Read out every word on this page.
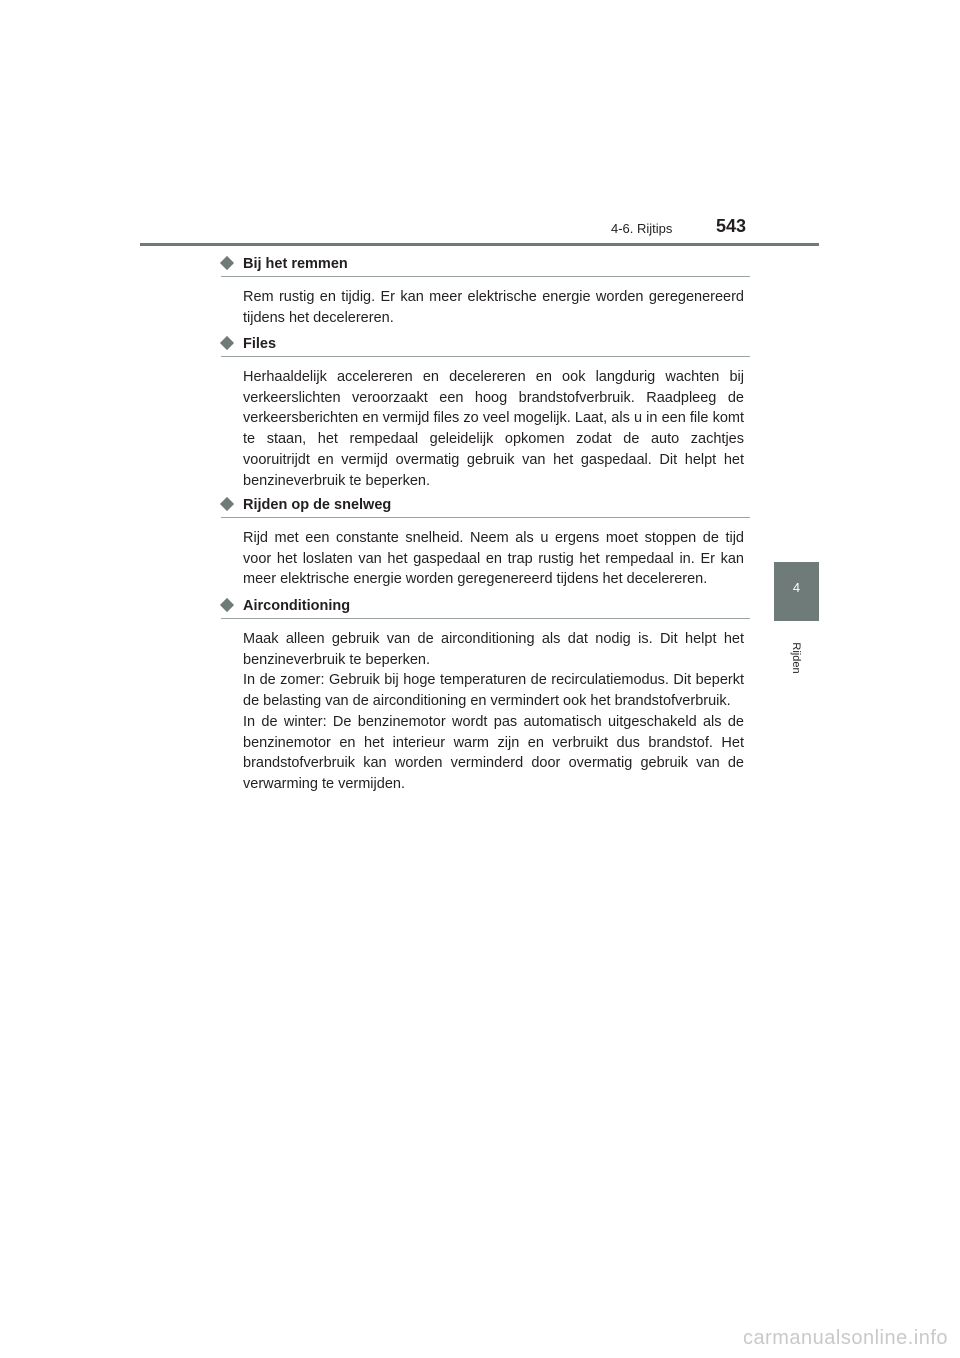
4-6. Rijtips 543
4
Rijden
Bij het remmen

Rem rustig en tijdig. Er kan meer elektrische energie worden geregenereerd tijdens het decelereren.

Files

Herhaaldelijk accelereren en decelereren en ook langdurig wachten bij verkeerslichten veroorzaakt een hoog brandstofverbruik. Raadpleeg de verkeersberichten en vermijd files zo veel mogelijk. Laat, als u in een file komt te staan, het rempedaal geleidelijk opkomen zodat de auto zachtjes vooruitrijdt en vermijd overmatig gebruik van het gaspedaal. Dit helpt het benzineverbruik te beperken.

Rijden op de snelweg

Rijd met een constante snelheid. Neem als u ergens moet stoppen de tijd voor het loslaten van het gaspedaal en trap rustig het rempedaal in. Er kan meer elektrische energie worden geregenereerd tijdens het decelereren.

Airconditioning

Maak alleen gebruik van de airconditioning als dat nodig is. Dit helpt het benzineverbruik te beperken.

In de zomer: Gebruik bij hoge temperaturen de recirculatiemodus. Dit beperkt de belasting van de airconditioning en vermindert ook het brandstofverbruik.

In de winter: De benzinemotor wordt pas automatisch uitgeschakeld als de benzinemotor en het interieur warm zijn en verbruikt dus brandstof. Het brandstofverbruik kan worden verminderd door overmatig gebruik van de verwarming te vermijden.

carmanualsonline.info
